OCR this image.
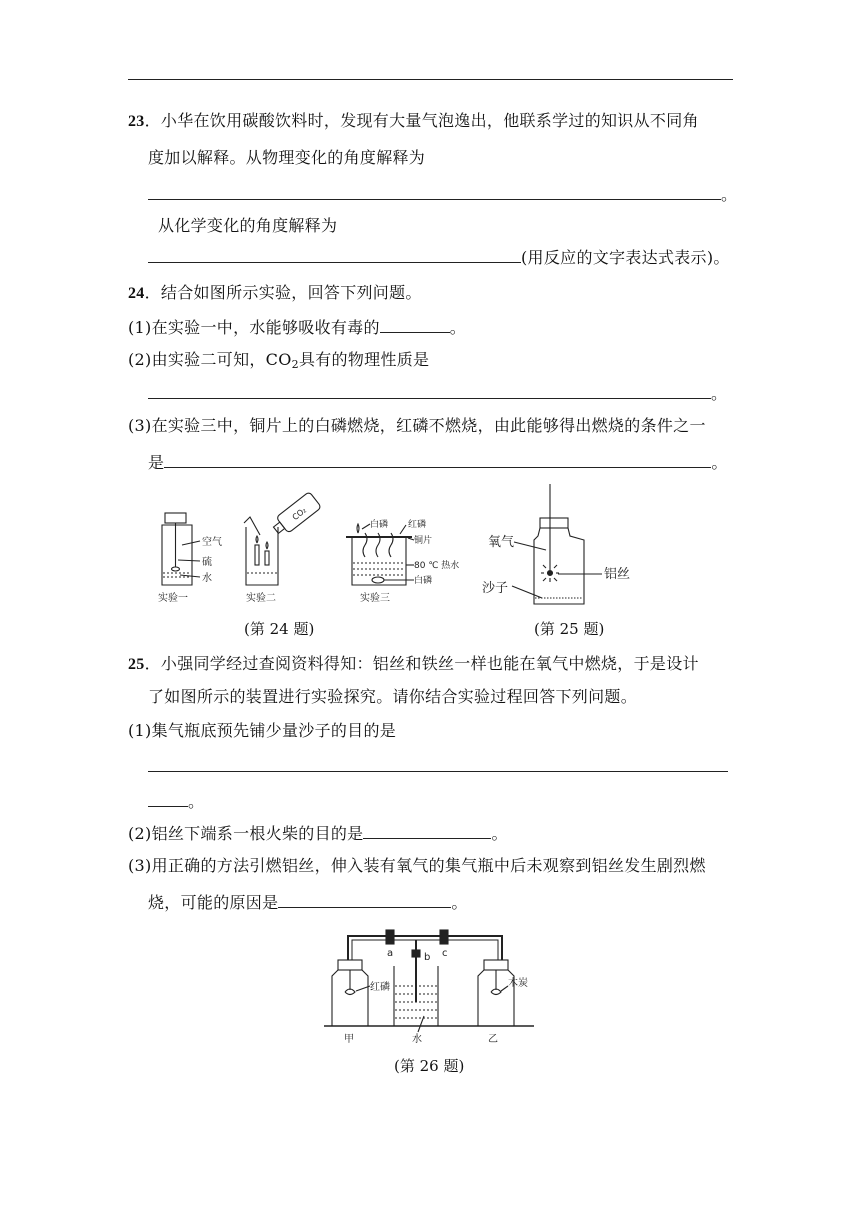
23．小华在饮用碳酸饮料时，发现有大量气泡逸出，他联系学过的知识从不同角
度加以解释。从物理变化的角度解释为
。
从化学变化的角度解释为
(用反应的文字表达式表示)。
24．结合如图所示实验，回答下列问题。
(1)在实验一中，水能够吸收有毒的	。
(2)由实验二可知，$CO_2$具有的物理性质是
。
(3)在实验三中，铜片上的白磷燃烧，红磷不燃烧，由此能够得出燃烧的条件之一
是	。
空气
硫
水
实验一
CO₂
实验二
白磷 红磷
铜片
80 ℃ 热水
白磷
实验三
(第 24 题)
氧气
铝丝
沙子
(第 25 题)
25．小强同学经过查阅资料得知：铝丝和铁丝一样也能在氧气中燃烧，于是设计
了如图所示的装置进行实验探究。请你结合实验过程回答下列问题。
(1)集气瓶底预先铺少量沙子的目的是
。
(2)铝丝下端系一根火柴的目的是	。
(3)用正确的方法引燃铝丝，伸入装有氧气的集气瓶中后未观察到铝丝发生剧烈燃
烧，可能的原因是	。
a	b c
红磷	木炭
甲	水	乙
(第 26 题)
